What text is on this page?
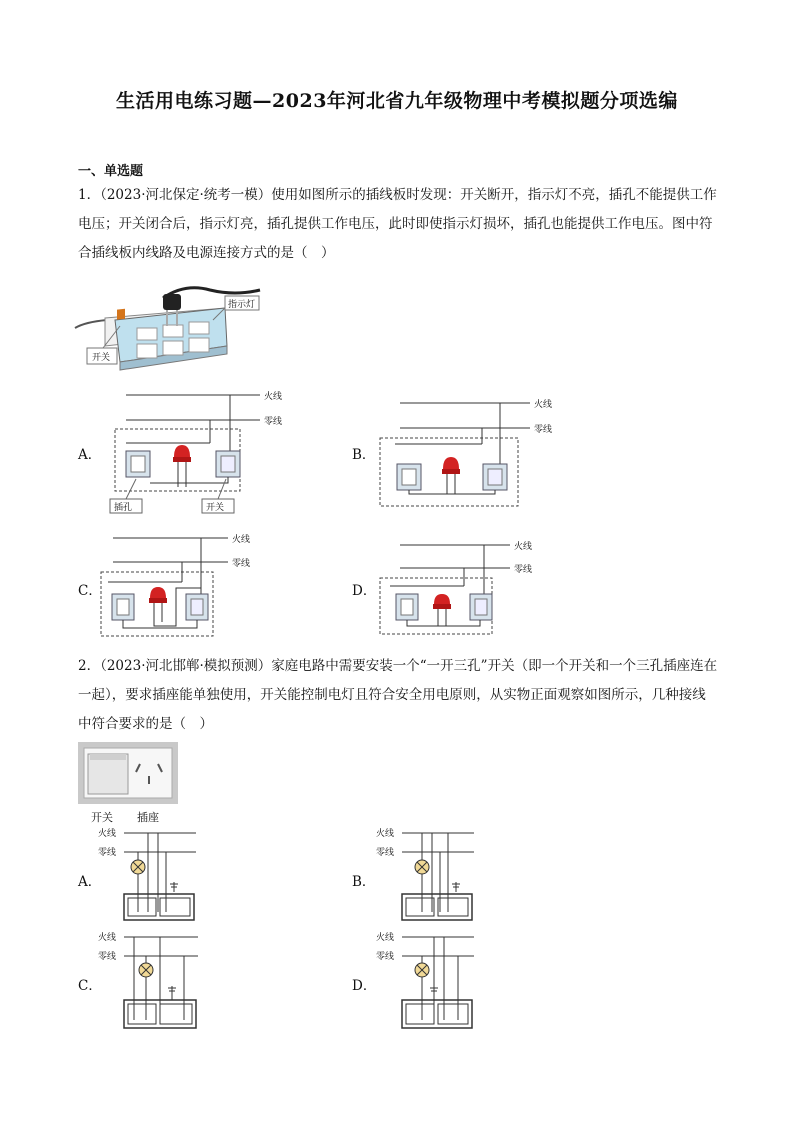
生活用电练习题—2023年河北省九年级物理中考模拟题分项选编
一、单选题
1．（2023·河北保定·统考一模）使用如图所示的插线板时发现：开关断开，指示灯不亮，插孔不能提供工作电压；开关闭合后，指示灯亮，插孔提供工作电压，此时即使指示灯损坏，插孔也能提供工作电压。图中符合插线板内线路及电源连接方式的是（　）
指示灯
开关
A．
火线
零线
插孔	开关
B．
火线
零线
C．
火线
零线
D．
火线
零线
2．（2023·河北邯郸·模拟预测）家庭电路中需要安装一个“一开三孔”开关（即一个开关和一个三孔插座连在一起），要求插座能单独使用，开关能控制电灯且符合安全用电原则，从实物正面观察如图所示，几种接线中符合要求的是（　）
开关 插座
A．
火线
零线
B．
火线
零线
C．
火线
零线
D．
火线
零线
